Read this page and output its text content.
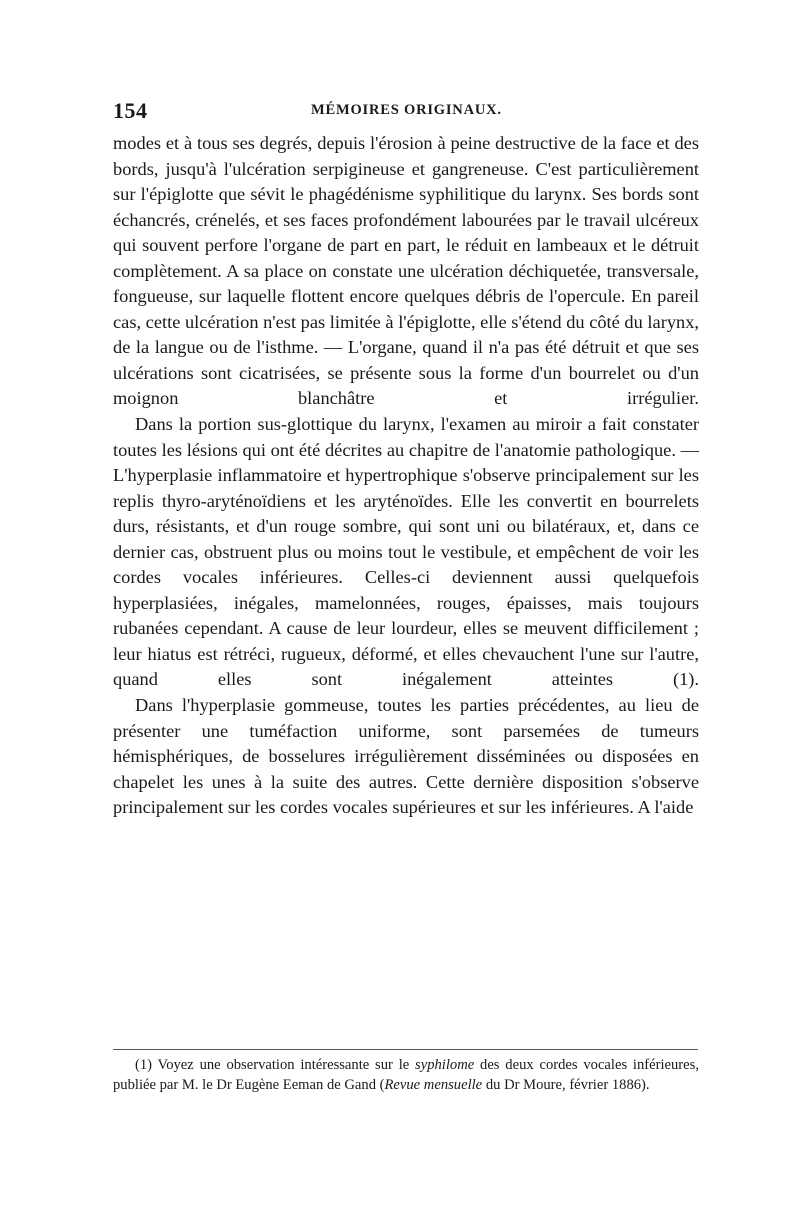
154	MÉMOIRES ORIGINAUX.

modes et à tous ses degrés, depuis l'érosion à peine destructive de la face et des bords, jusqu'à l'ulcération serpigineuse et gangreneuse. C'est particulièrement sur l'épiglotte que sévit le phagédénisme syphilitique du larynx. Ses bords sont échancrés, crénelés, et ses faces profondément labourées par le travail ulcéreux qui souvent perfore l'organe de part en part, le réduit en lambeaux et le détruit complètement. A sa place on constate une ulcération déchiquetée, transversale, fongueuse, sur laquelle flottent encore quelques débris de l'opercule. En pareil cas, cette ulcération n'est pas limitée à l'épiglotte, elle s'étend du côté du larynx, de la langue ou de l'isthme. — L'organe, quand il n'a pas été détruit et que ses ulcérations sont cicatrisées, se présente sous la forme d'un bourrelet ou d'un moignon blanchâtre et irrégulier.

Dans la portion sus-glottique du larynx, l'examen au miroir a fait constater toutes les lésions qui ont été décrites au chapitre de l'anatomie pathologique. — L'hyperplasie inflammatoire et hypertrophique s'observe principalement sur les replis thyro-aryténoïdiens et les aryténoïdes. Elle les convertit en bourrelets durs, résistants, et d'un rouge sombre, qui sont uni ou bilatéraux, et, dans ce dernier cas, obstruent plus ou moins tout le vestibule, et empêchent de voir les cordes vocales inférieures. Celles-ci deviennent aussi quelquefois hyperplasiées, inégales, mamelonnées, rouges, épaisses, mais toujours rubanées cependant. A cause de leur lourdeur, elles se meuvent difficilement ; leur hiatus est rétréci, rugueux, déformé, et elles chevauchent l'une sur l'autre, quand elles sont inégalement atteintes (1).

Dans l'hyperplasie gommeuse, toutes les parties précédentes, au lieu de présenter une tuméfaction uniforme, sont parsemées de tumeurs hémisphériques, de bosselures irrégulièrement disséminées ou disposées en chapelet les unes à la suite des autres. Cette dernière disposition s'observe principalement sur les cordes vocales supérieures et sur les inférieures. A l'aide

(1) Voyez une observation intéressante sur le syphilome des deux cordes vocales inférieures, publiée par M. le Dr Eugène Eeman de Gand (Revue mensuelle du Dr Moure, février 1886).
